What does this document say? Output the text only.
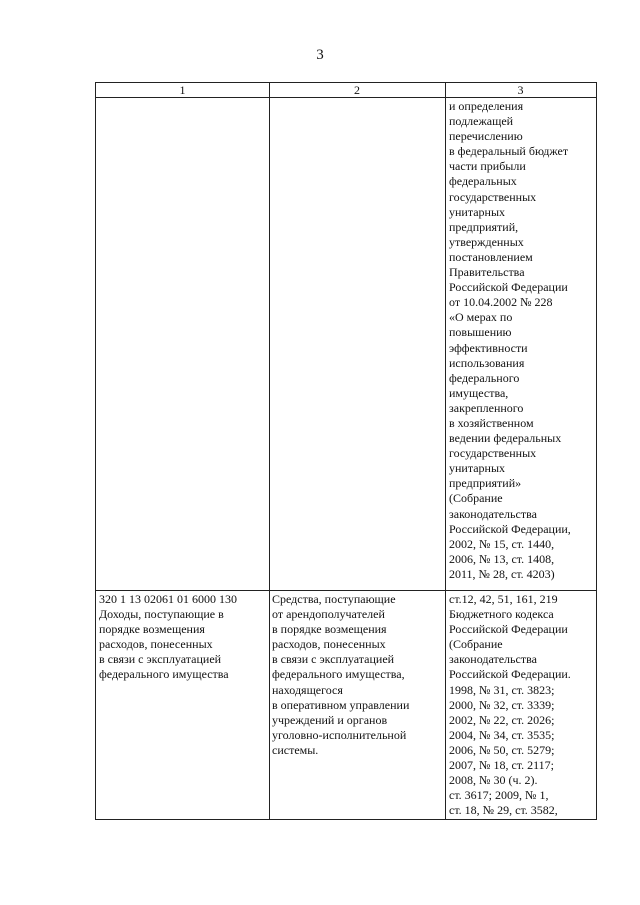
3
1	2	3
и определения
подлежащей
перечислению
в федеральный бюджет
части прибыли
федеральных
государственных
унитарных
предприятий,
утвержденных
постановлением
Правительства
Российской Федерации
от 10.04.2002 № 228
«О мерах по
повышению
эффективности
использования
федерального
имущества,
закрепленного
в хозяйственном
ведении федеральных
государственных
унитарных
предприятий»
(Собрание
законодательства
Российской Федерации,
2002, № 15, ст. 1440,
2006, № 13, ст. 1408,
2011, № 28, ст. 4203)
320 1 13 02061 01 6000 130
Доходы, поступающие в
порядке возмещения
расходов, понесенных
в связи с эксплуатацией
федерального имущества
Средства, поступающие
от арендополучателей
в порядке возмещения
расходов, понесенных
в связи с эксплуатацией
федерального имущества,
находящегося
в оперативном управлении
учреждений и органов
уголовно-исполнительной
системы.
ст.12, 42, 51, 161, 219
Бюджетного кодекса
Российской Федерации
(Собрание
законодательства
Российской Федерации.
1998, № 31, ст. 3823;
2000, № 32, ст. 3339;
2002, № 22, ст. 2026;
2004, № 34, ст. 3535;
2006, № 50, ст. 5279;
2007, № 18, ст. 2117;
2008, № 30 (ч. 2).
ст. 3617; 2009, № 1,
ст. 18, № 29, ст. 3582,
